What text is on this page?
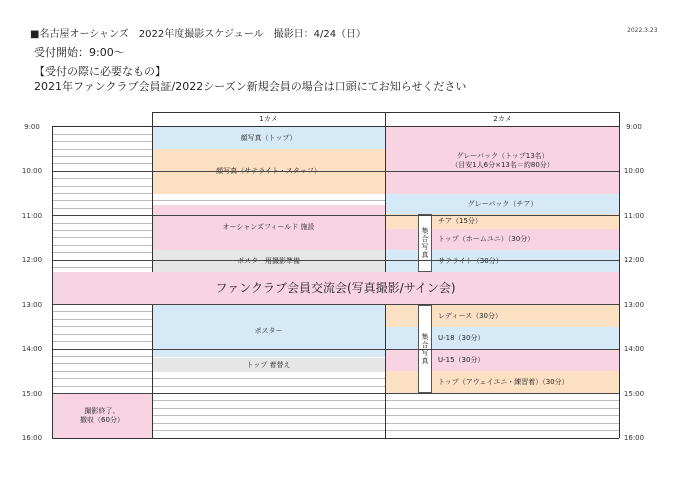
■名古屋オーシャンズ　2022年度撮影スケジュール　撮影日：4/24（日）	2022.3.23
受付開始：9:00～
【受付の際に必要なもの】
2021年ファンクラブ会員証/2022シーズン新規会員の場合は口頭にてお知らせください
1カメ	2カメ
9:00
10:00
11:00
12:00
13:00
14:00
15:00
16:00
9:00
10:00
11:00
12:00
13:00
14:00
15:00
16:00
顔写真（トップ）
顔写真（サテライト・スタッフ）
オーシャンズフィールド 施設
ポスター用撮影準備
ポスター
トップ 着替え
撮影終了、
撤収（60分）
グレーバック（トップ13名）
（目安1人6分×13名＝約80分）
グレーバック（チア）
チア（15分）
トップ（ホームユニ）（30分）
サテライト（30分）
レディース（30分）
U-18（30分）
U-15（30分）
トップ（アウェイユニ・練習着）（30分）
ファンクラブ会員交流会(写真撮影/サイン会)
集合写真
集合写真
